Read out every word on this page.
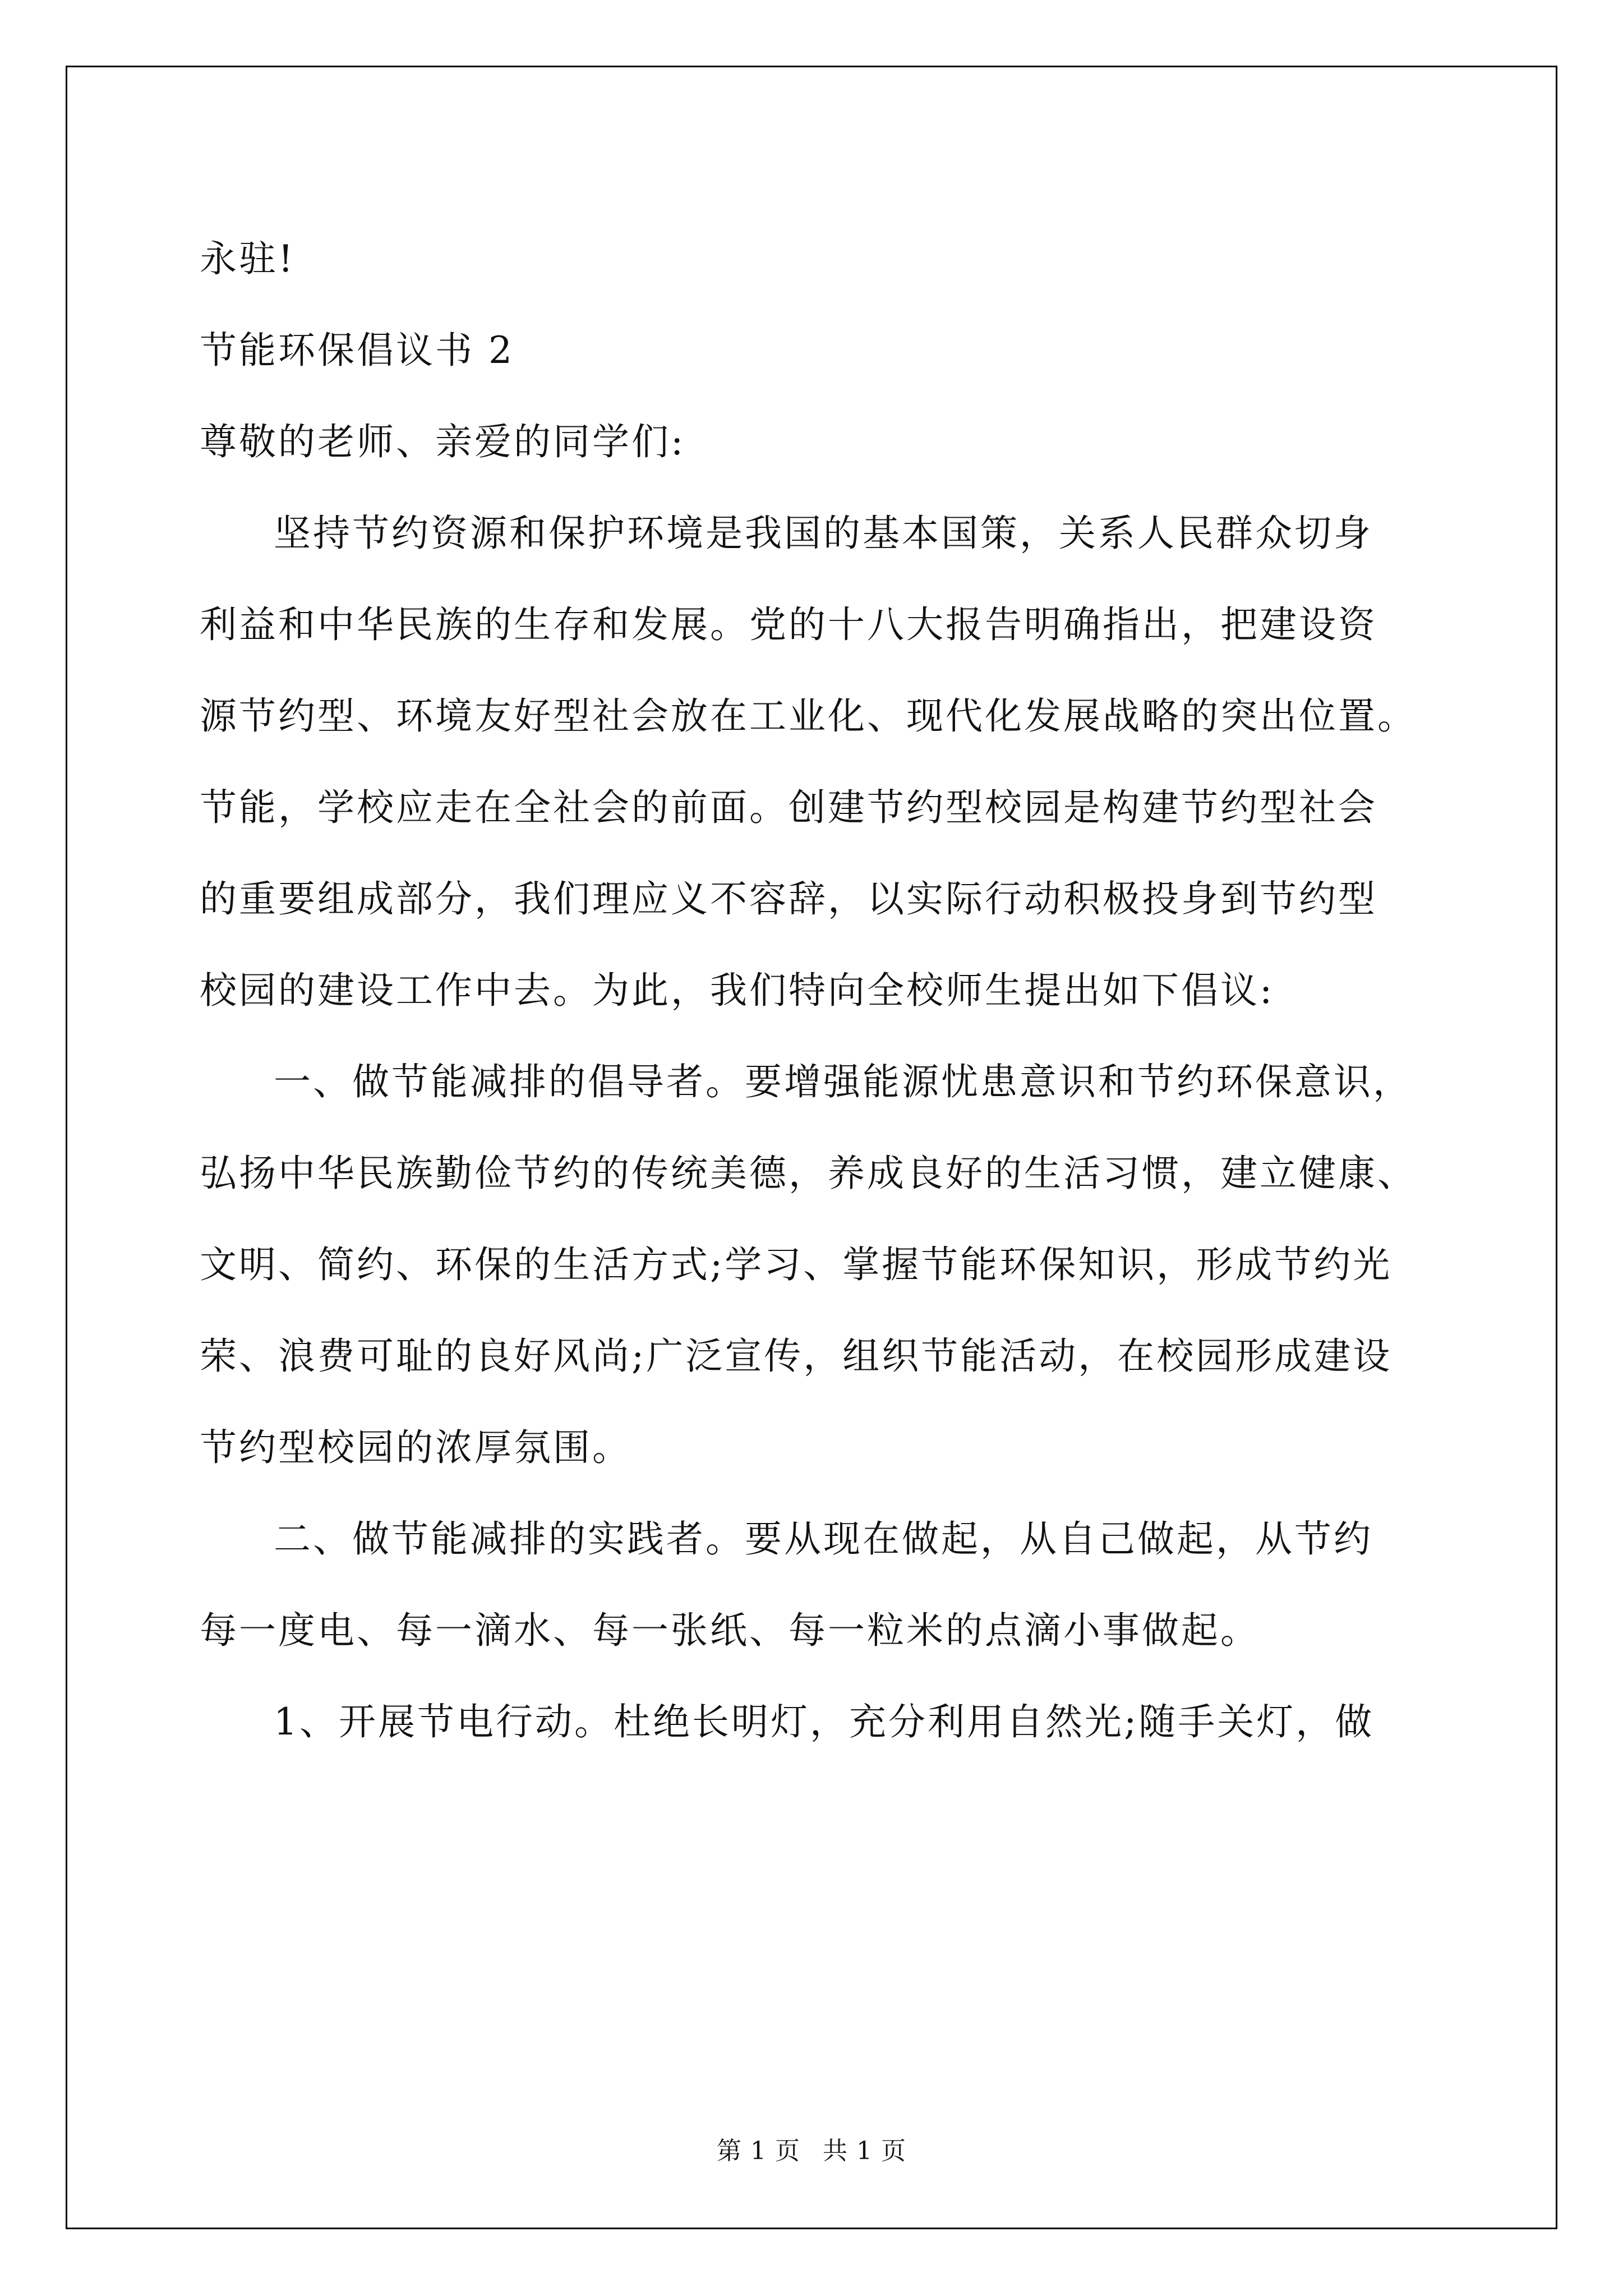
永驻!
节能环保倡议书 2
尊敬的老师、亲爱的同学们:
坚持节约资源和保护环境是我国的基本国策，关系人民群众切身
利益和中华民族的生存和发展。党的十八大报告明确指出，把建设资
源节约型、环境友好型社会放在工业化、现代化发展战略的突出位置。
节能，学校应走在全社会的前面。创建节约型校园是构建节约型社会
的重要组成部分，我们理应义不容辞，以实际行动积极投身到节约型
校园的建设工作中去。为此，我们特向全校师生提出如下倡议:
一、做节能减排的倡导者。要增强能源忧患意识和节约环保意识，
弘扬中华民族勤俭节约的传统美德，养成良好的生活习惯，建立健康、
文明、简约、环保的生活方式;学习、掌握节能环保知识，形成节约光
荣、浪费可耻的良好风尚;广泛宣传，组织节能活动，在校园形成建设
节约型校园的浓厚氛围。
二、做节能减排的实践者。要从现在做起，从自己做起，从节约
每一度电、每一滴水、每一张纸、每一粒米的点滴小事做起。
1、开展节电行动。杜绝长明灯，充分利用自然光;随手关灯，做
第 1 页 共 1 页
